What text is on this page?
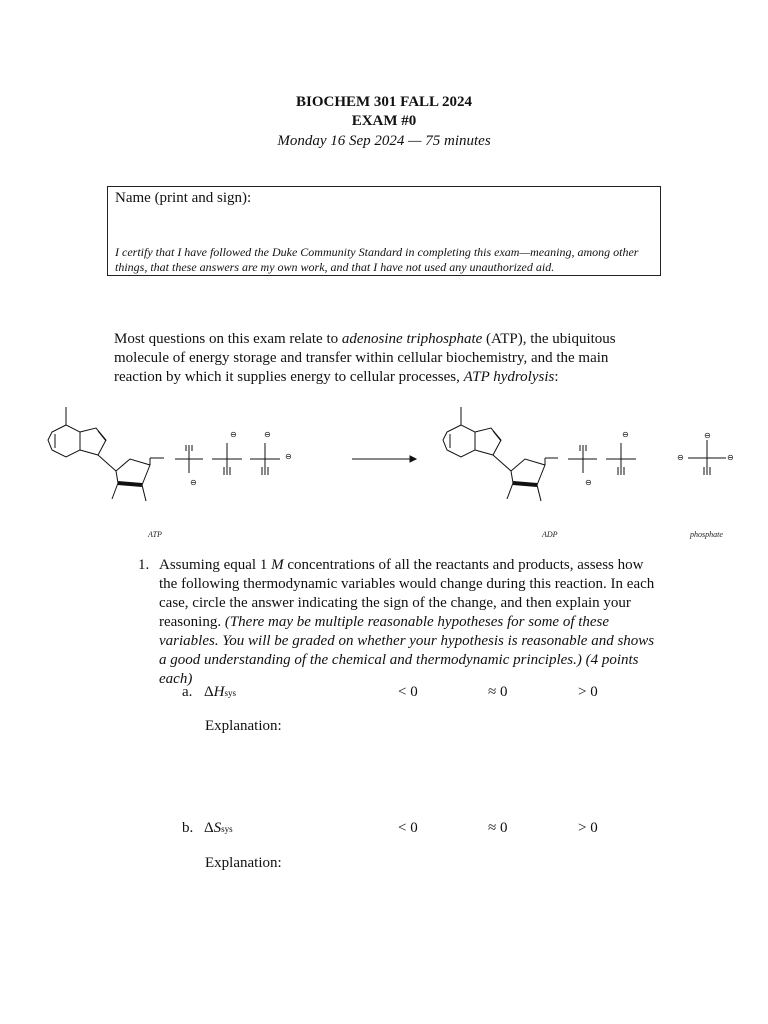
BIOCHEM 301 FALL 2024
EXAM #0
Monday 16 Sep 2024 — 75 minutes
Name (print and sign):
I certify that I have followed the Duke Community Standard in completing this exam—meaning, among other things, that these answers are my own work, and that I have not used any unauthorized aid.
Most questions on this exam relate to adenosine triphosphate (ATP), the ubiquitous molecule of energy storage and transfer within cellular biochemistry, and the main reaction by which it supplies energy to cellular processes, ATP hydrolysis:
⊖	⊖
⊖
⊖
⊖
⊖
⊖
⊖	⊖
ATP	ADP	phosphate
1. Assuming equal 1 M concentrations of all the reactants and products, assess how the following thermodynamic variables would change during this reaction. In each case, circle the answer indicating the sign of the change, and then explain your reasoning. (There may be multiple reasonable hypotheses for some of these variables. You will be graded on whether your hypothesis is reasonable and shows a good understanding of the chemical and thermodynamic principles.) (4 points each)
a. ΔHsys	< 0	≈ 0	> 0
Explanation:
b. ΔSsys	< 0	≈ 0	> 0
Explanation:
